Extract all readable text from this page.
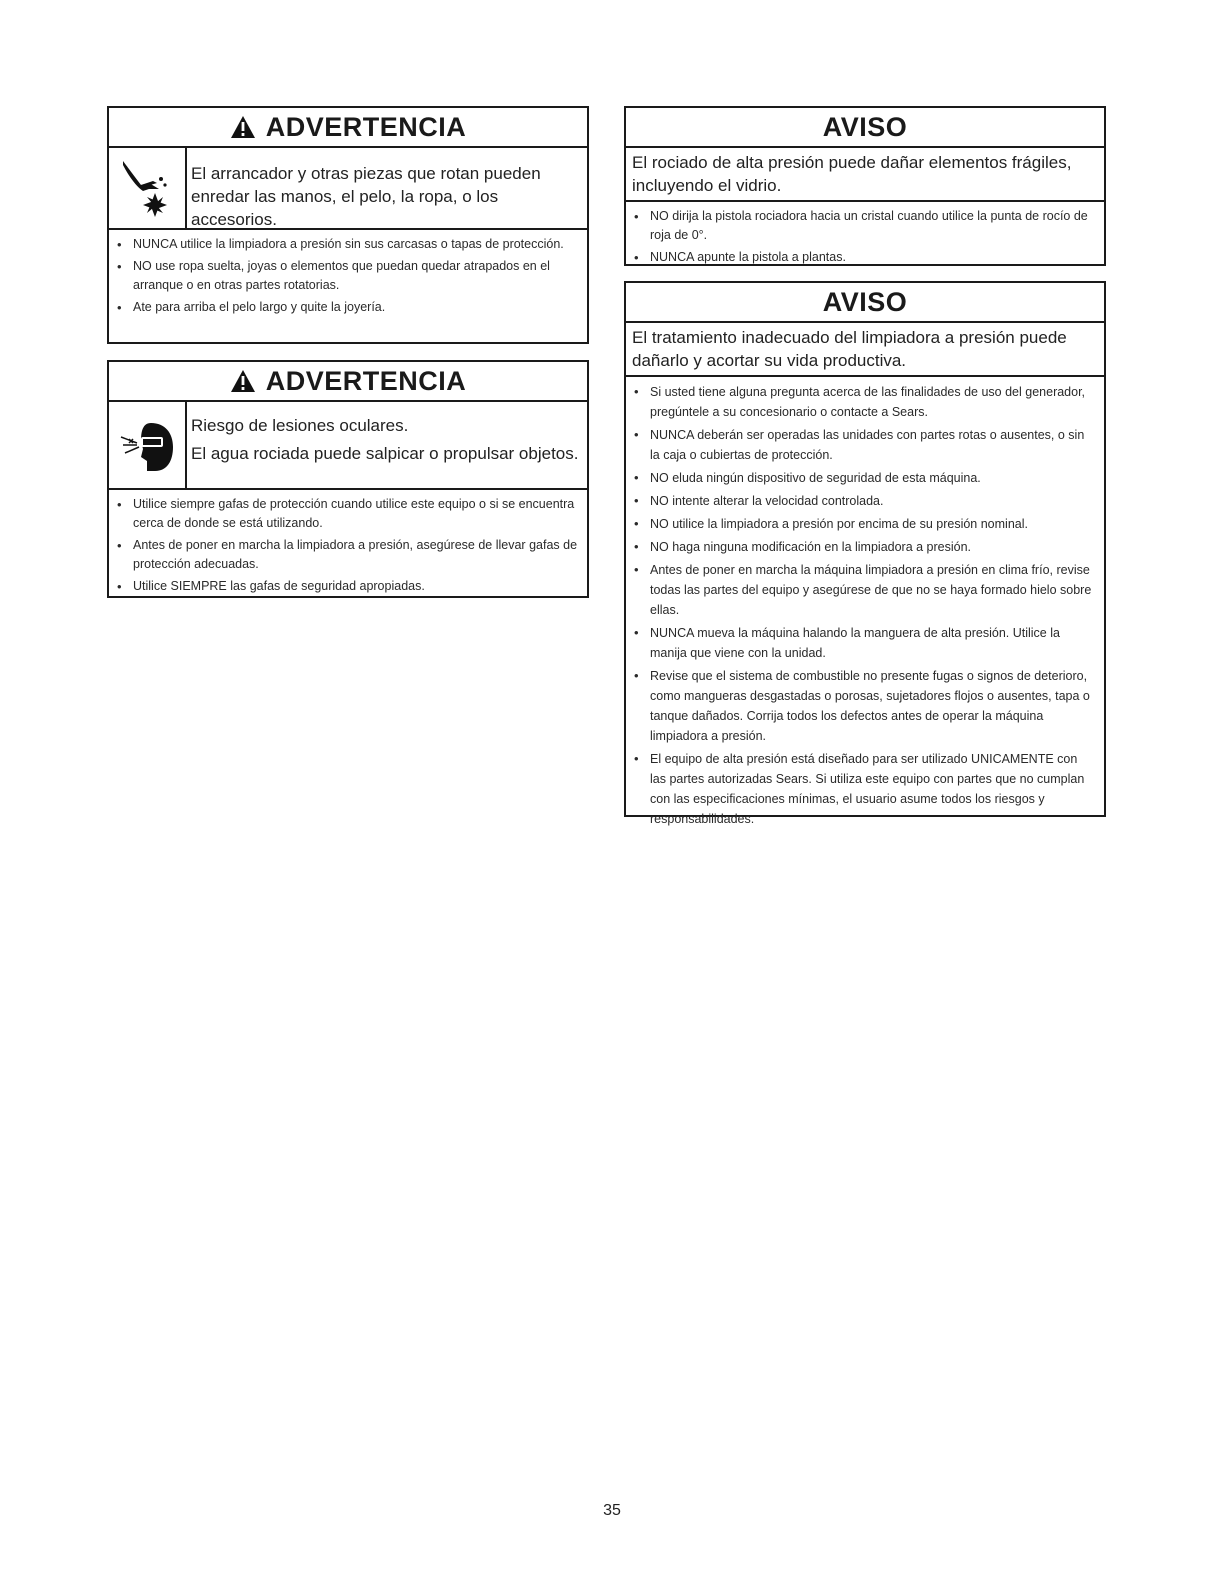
ADVERTENCIA
El arrancador y otras piezas que rotan pueden enredar las manos, el pelo, la ropa, o los accesorios.
• NUNCA utilice la limpiadora a presión sin sus carcasas o tapas de protección.
• NO use ropa suelta, joyas o elementos que puedan quedar atrapados en el arranque o en otras partes rotatorias.
• Ate para arriba el pelo largo y quite la joyería.
ADVERTENCIA
Riesgo de lesiones oculares.
El agua rociada puede salpicar o propulsar objetos.
• Utilice siempre gafas de protección cuando utilice este equipo o si se encuentra cerca de donde se está utilizando.
• Antes de poner en marcha la limpiadora a presión, asegúrese de llevar gafas de protección adecuadas.
• Utilice SIEMPRE las gafas de seguridad apropiadas.
AVISO
El rociado de alta presión puede dañar elementos frágiles, incluyendo el vidrio.
• NO dirija la pistola rociadora hacia un cristal cuando utilice la punta de rocío de roja de 0°.
• NUNCA apunte la pistola a plantas.
AVISO
El tratamiento inadecuado del limpiadora a presión puede dañarlo y acortar su vida productiva.
• Si usted tiene alguna pregunta acerca de las finalidades de uso del generador, pregúntele a su concesionario o contacte a Sears.
• NUNCA deberán ser operadas las unidades con partes rotas o ausentes, o sin la caja o cubiertas de protección.
• NO eluda ningún dispositivo de seguridad de esta máquina.
• NO intente alterar la velocidad controlada.
• NO utilice la limpiadora a presión por encima de su presión nominal.
• NO haga ninguna modificación en la limpiadora a presión.
• Antes de poner en marcha la máquina limpiadora a presión en clima frío, revise todas las partes del equipo y asegúrese de que no se haya formado hielo sobre ellas.
• NUNCA mueva la máquina halando la manguera de alta presión. Utilice la manija que viene con la unidad.
• Revise que el sistema de combustible no presente fugas o signos de deterioro, como mangueras desgastadas o porosas, sujetadores flojos o ausentes, tapa o tanque dañados. Corrija todos los defectos antes de operar la máquina limpiadora a presión.
• El equipo de alta presión está diseñado para ser utilizado UNICAMENTE con las partes autorizadas Sears. Si utiliza este equipo con partes que no cumplan con las especificaciones mínimas, el usuario asume todos los riesgos y responsabilidades.
35
